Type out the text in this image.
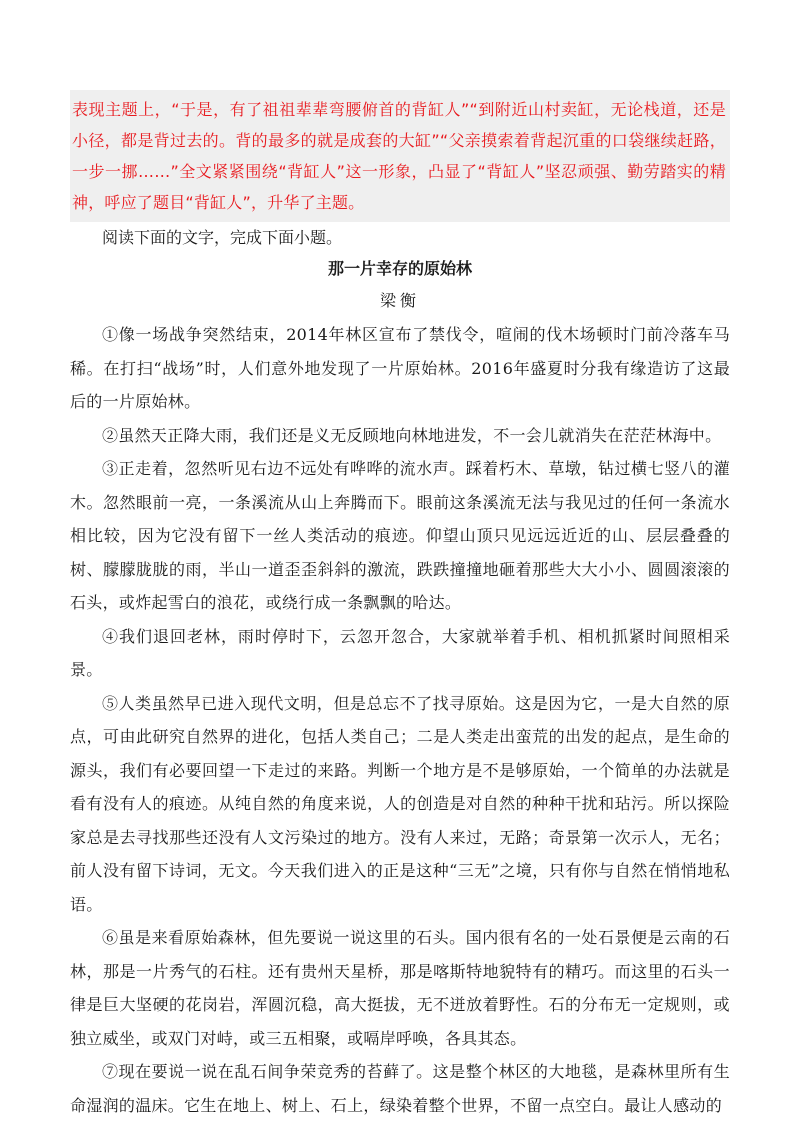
表现主题上，“于是，有了祖祖辈辈弯腰俯首的背缸人”“到附近山村卖缸，无论栈道，还是小径，都是背过去的。背的最多的就是成套的大缸”“父亲摸索着背起沉重的口袋继续赶路，一步一挪……”全文紧紧围绕“背缸人”这一形象，凸显了“背缸人”坚忍顽强、勤劳踏实的精神，呼应了题目“背缸人”，升华了主题。

阅读下面的文字，完成下面小题。

那一片幸存的原始林

梁衡

①像一场战争突然结束，2014年林区宣布了禁伐令，喧闹的伐木场顿时门前冷落车马稀。在打扫“战场”时，人们意外地发现了一片原始林。2016年盛夏时分我有缘造访了这最后的一片原始林。

②虽然天正降大雨，我们还是义无反顾地向林地进发，不一会儿就消失在茫茫林海中。

③正走着，忽然听见右边不远处有哗哗的流水声。踩着朽木、草墩，钻过横七竖八的灌木。忽然眼前一亮，一条溪流从山上奔腾而下。眼前这条溪流无法与我见过的任何一条流水相比较，因为它没有留下一丝人类活动的痕迹。仰望山顶只见远远近近的山、层层叠叠的树、朦朦胧胧的雨，半山一道歪歪斜斜的激流，跌跌撞撞地砸着那些大大小小、圆圆滚滚的石头，或炸起雪白的浪花，或绕行成一条飘飘的哈达。

④我们退回老林，雨时停时下，云忽开忽合，大家就举着手机、相机抓紧时间照相采景。

⑤人类虽然早已进入现代文明，但是总忘不了找寻原始。这是因为它，一是大自然的原点，可由此研究自然界的进化，包括人类自己；二是人类走出蛮荒的出发的起点，是生命的源头，我们有必要回望一下走过的来路。判断一个地方是不是够原始，一个简单的办法就是看有没有人的痕迹。从纯自然的角度来说，人的创造是对自然的种种干扰和玷污。所以探险家总是去寻找那些还没有人文污染过的地方。没有人来过，无路；奇景第一次示人，无名；前人没有留下诗词，无文。今天我们进入的正是这种“三无”之境，只有你与自然在悄悄地私语。

⑥虽是来看原始森林，但先要说一说这里的石头。国内很有名的一处石景便是云南的石林，那是一片秀气的石柱。还有贵州天星桥，那是喀斯特地貌特有的精巧。而这里的石头一律是巨大坚硬的花岗岩，浑圆沉稳，高大挺拔，无不迸放着野性。石的分布无一定规则，或独立威坐，或双门对峙，或三五相聚，或嗝岸呼唤，各具其态。

⑦现在要说一说在乱石间争荣竞秀的苔藓了。这是整个林区的大地毯，是森林里所有生命湿润的温床。它生在地上、树上、石上，绿染着整个世界，不留一点空白。最让人感动的
